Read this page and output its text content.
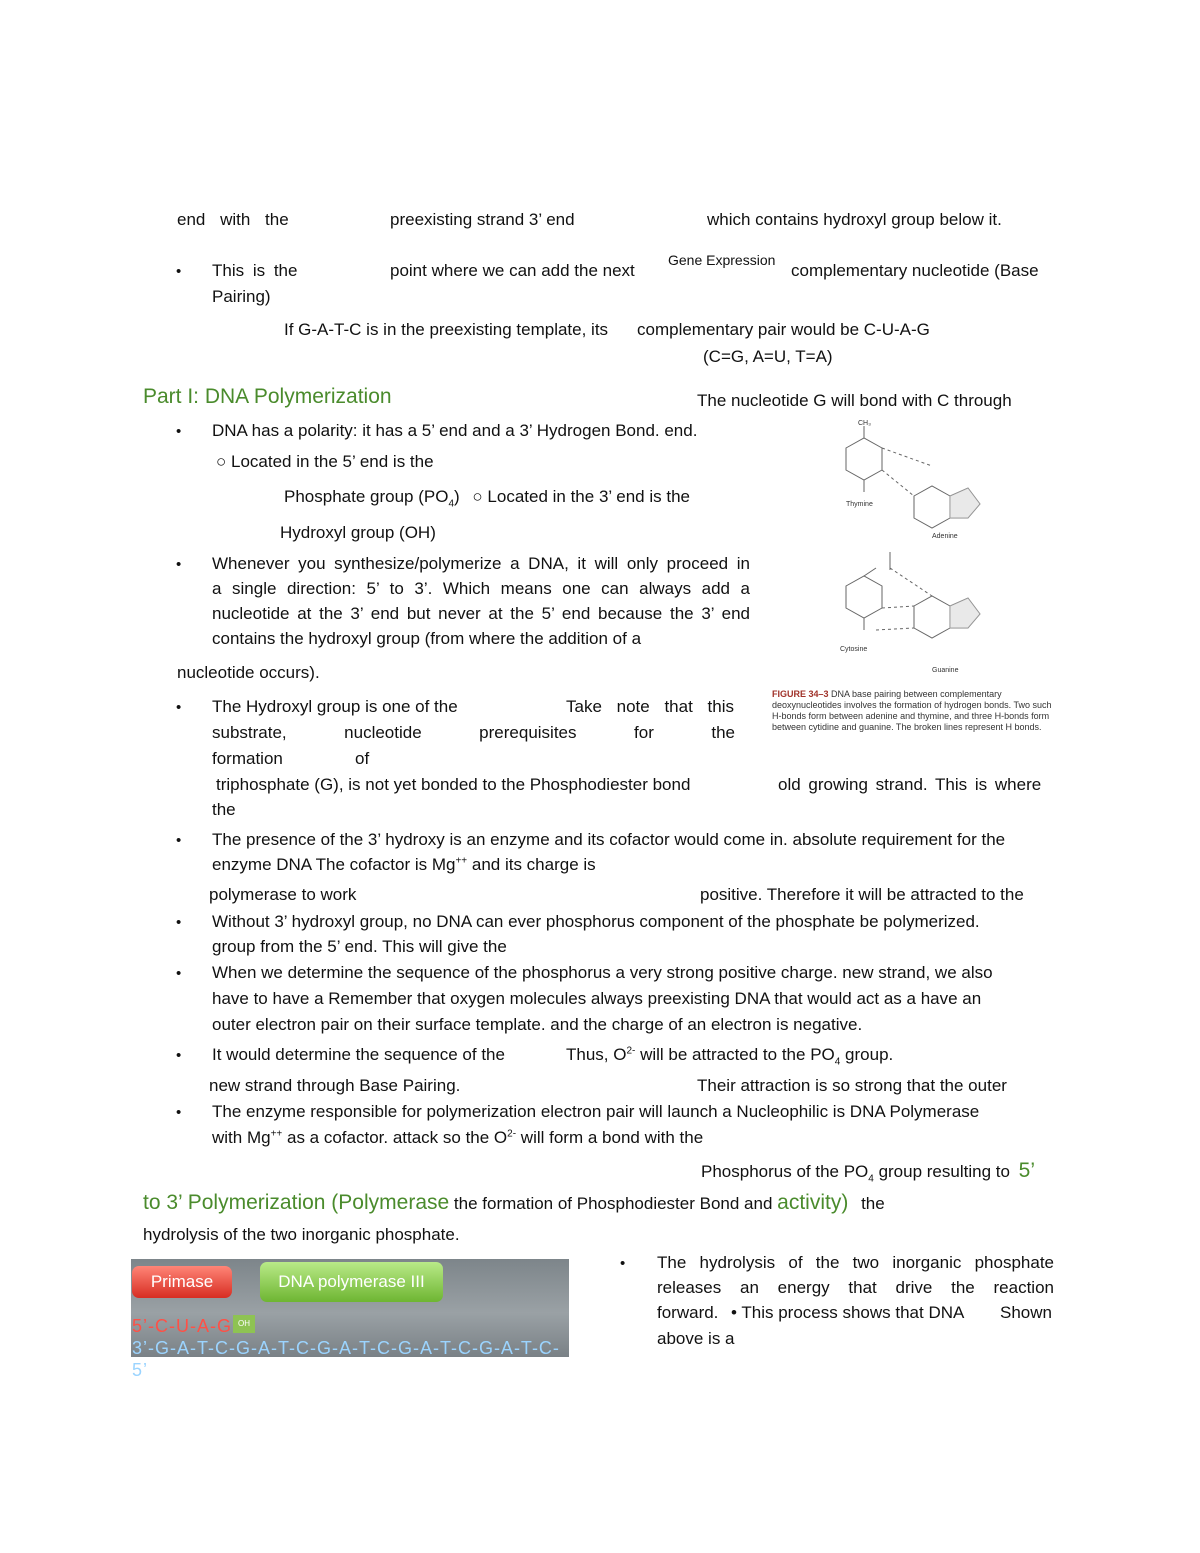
end with the	preexisting strand 3’ end	which contains hydroxyl group below it.
Gene Expression
• This is the	point where we can add the next	complementary nucleotide (Base
Pairing)
If G-A-T-C is in the preexisting template, its complementary pair would be C-U-A-G
(C=G, A=U, T=A)
Part I: DNA Polymerization	The nucleotide G will bond with C through
• DNA has a polarity: it has a 5’ end and a 3’ Hydrogen Bond. end.
○ Located in the 5’ end is the
Phosphate group $(PO_4)$ ○ Located in the 3’ end is the
Hydroxyl group (OH)
• Whenever you synthesize/polymerize a DNA, it will only proceed in
a single direction: 5’ to 3’. Which means one can always add a
nucleotide at the 3’ end but never at the 5’ end because the 3’ end
contains the hydroxyl group (from where the addition of a
nucleotide occurs).
• The Hydroxyl group is one of the	Take note that this
substrate, nucleotide prerequisites for the
formation	of
triphosphate (G), is not yet bonded to the Phosphodiester bond	old growing strand. This is where
the
• The presence of the 3’ hydroxy is an enzyme and its cofactor would come in. absolute requirement for the
enzyme DNA The cofactor is Mg++ and its charge is
polymerase to work	positive. Therefore it will be attracted to the
• Without 3’ hydroxyl group, no DNA can ever phosphorus component of the phosphate be polymerized.
group from the 5’ end. This will give the
• When we determine the sequence of the phosphorus a very strong positive charge. new strand, we also
have to have a Remember that oxygen molecules always preexisting DNA that would act as a have an
outer electron pair on their surface template. and the charge of an electron is negative.
• It would determine the sequence of the	Thus, $O^{2-}$ will be attracted to the $PO_4$ group.
new strand through Base Pairing.	Their attraction is so strong that the outer
• The enzyme responsible for polymerization electron pair will launch a Nucleophilic is DNA Polymerase
with Mg++ as a cofactor. attack so the $O^{2-}$ will form a bond with the
Phosphorus of the $PO_4$ group resulting to 5’
to 3’ Polymerization (Polymerase the formation of Phosphodiester Bond and activity) the
hydrolysis of the two inorganic phosphate.
CH₃
Thymine
Adenine
Cytosine
Guanine
FIGURE 34–3 DNA base pairing between complementary deoxynucleotides involves the formation of hydrogen bonds. Two such H-bonds form between adenine and thymine, and three H-bonds form between cytidine and guanine. The broken lines represent H bonds.
Primase	DNA polymerase III
5’-C-U-A-G OH
3’-G-A-T-C-G-A-T-C-G-A-T-C-G-A-T-C-G-A-T-C-5’
• The hydrolysis of the two inorganic phosphate
releases an energy that drive the reaction
forward. • This process shows that DNA Shown
above is a
